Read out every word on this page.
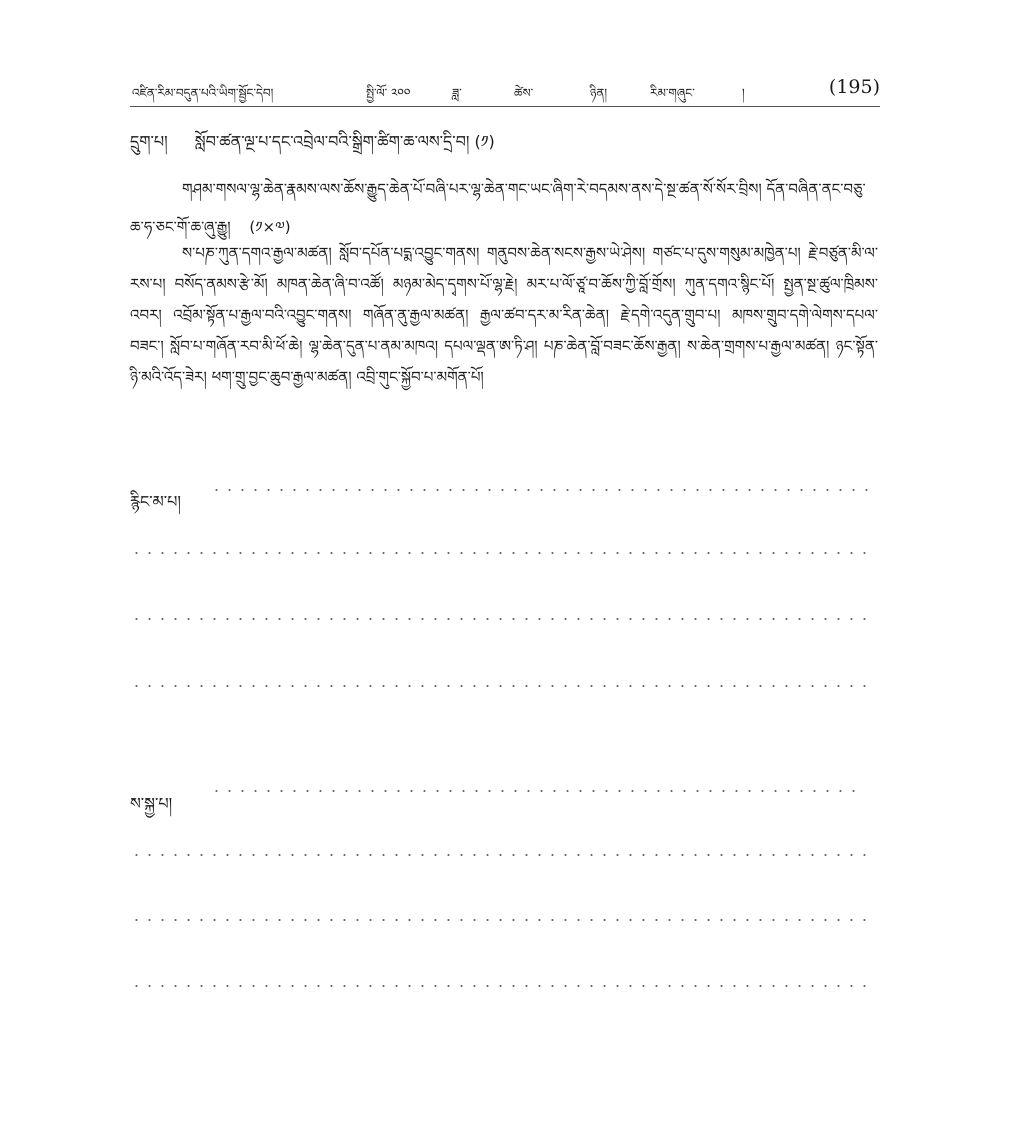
འཛིན་རིམ་བདུན་པའི་ཡིག་སྦྱོང་དེབ།	སྤྱི་ལོ་ ༢༠༠	ཟླ་	ཚེས་	ཉིན།	རིམ་གཞུང་	།	(195)
དྲུག་པ། སློབ་ཚན་ལྔ་པ་དང་འབྲེལ་བའི་སྒྲིག་ཚིག་ཆ་ལས་དྲི་བ། (༡)
གཤམ་གསལ་ལྷ་ཆེན་རྣམས་ལས་ཆོས་རྒྱུད་ཆེན་པོ་བཞི་པར་ལྷ་ཆེན་གང་ཡང་ཞིག་རེ་བདམས་ནས་དེ་སྔ་ཚན་སོ་སོར་བྲིས། དོན་བཞིན་ནང་བཅུ་ཆ་ཧ་ཅང་གོ་ཆ་ཞུ་རྒྱུ། (༡×༧)
ས་པཎ་ཀུན་དགའ་རྒྱལ་མཚན། སློབ་དཔོན་པདྨ་འབྱུང་གནས། གནུབས་ཆེན་སངས་རྒྱས་ཡེ་ཤེས། གཙང་པ་དུས་གསུམ་མཁྱེན་པ། རྗེ་བཙུན་མི་ལ་རས་པ། བསོད་ནམས་རྩེ་མོ། མཁན་ཆེན་ཞི་བ་འཚོ། མཉམ་མེད་དྭགས་པོ་ལྷ་རྗེ། མར་པ་ལོ་ཙཱ་བ་ཆོས་ཀྱི་བློ་གྲོས། ཀུན་དགའ་སྙིང་པོ། སྤྱན་སྔ་ཚུལ་ཁྲིམས་འབར། འབྲོམ་སྟོན་པ་རྒྱལ་བའི་འབྱུང་གནས། གཞོན་ནུ་རྒྱལ་མཚན། རྒྱལ་ཚབ་དར་མ་རིན་ཆེན། རྗེ་དགེ་འདུན་གྲུབ་པ། མཁས་གྲུབ་དགེ་ལེགས་དཔལ་བཟང་། སློབ་པ་གཞོན་རབ་མི་ཕོ་ཆེ། ལྷ་ཆེན་དུན་པ་ནམ་མཁའ། དཔལ་ལྡན་ཨ་ཏི་ཤ། པཎ་ཆེན་བློ་བཟང་ཆོས་རྒྱན། ས་ཆེན་གྲགས་པ་རྒྱལ་མཚན། ཉང་སྟོན་ཉི་མའི་འོད་ཟེར། ཕག་གྲུ་བྱང་ཆུབ་རྒྱལ་མཚན། འབྲི་གུང་སྐྱོབ་པ་མགོན་པོ།
རྙིང་མ་པ།
ས་སྐྱ་པ།
